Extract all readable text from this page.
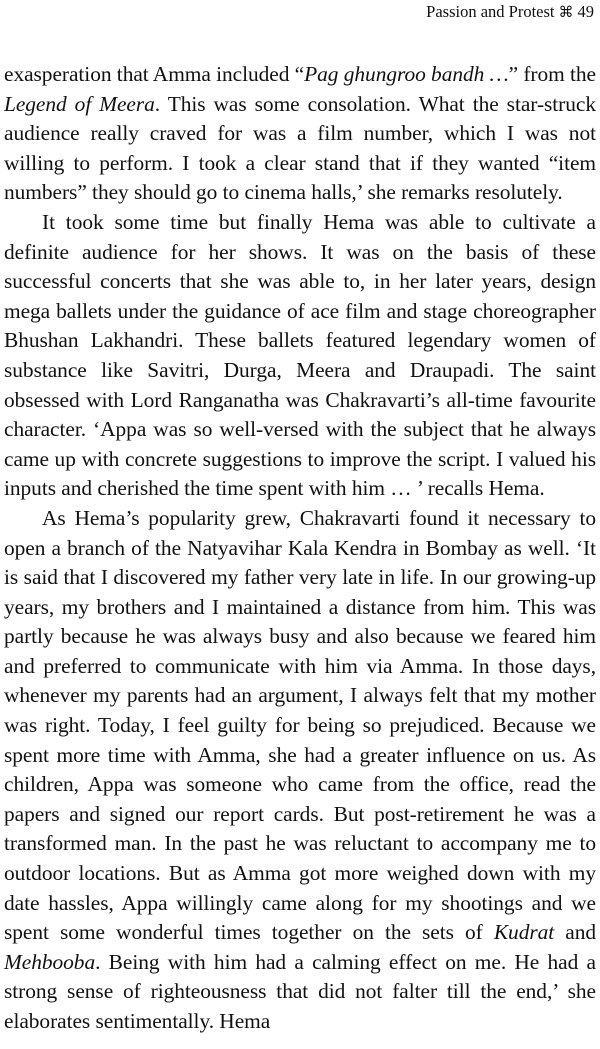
Passion and Protest ⌘ 49

exasperation that Amma included “Pag ghungroo bandh …” from the Legend of Meera. This was some consolation. What the star-struck audience really craved for was a film number, which I was not willing to perform. I took a clear stand that if they wanted “item numbers” they should go to cinema halls,’ she remarks resolutely.

It took some time but finally Hema was able to cultivate a definite audience for her shows. It was on the basis of these successful concerts that she was able to, in her later years, design mega ballets under the guidance of ace film and stage choreographer Bhushan Lakhandri. These ballets featured legendary women of substance like Savitri, Durga, Meera and Draupadi. The saint obsessed with Lord Ranganatha was Chakravarti’s all-time favourite character. ‘Appa was so well-versed with the subject that he always came up with concrete suggestions to improve the script. I valued his inputs and cherished the time spent with him … ’ recalls Hema.

As Hema’s popularity grew, Chakravarti found it necessary to open a branch of the Natyavihar Kala Kendra in Bombay as well. ‘It is said that I discovered my father very late in life. In our growing-up years, my brothers and I maintained a distance from him. This was partly because he was always busy and also because we feared him and preferred to communicate with him via Amma. In those days, whenever my parents had an argument, I always felt that my mother was right. Today, I feel guilty for being so prejudiced. Because we spent more time with Amma, she had a greater influence on us. As children, Appa was someone who came from the office, read the papers and signed our report cards. But post-retirement he was a transformed man. In the past he was reluctant to accompany me to outdoor locations. But as Amma got more weighed down with my date hassles, Appa willingly came along for my shootings and we spent some wonderful times together on the sets of Kudrat and Mehbooba. Being with him had a calming effect on me. He had a strong sense of righteousness that did not falter till the end,’ she elaborates sentimentally. Hema
